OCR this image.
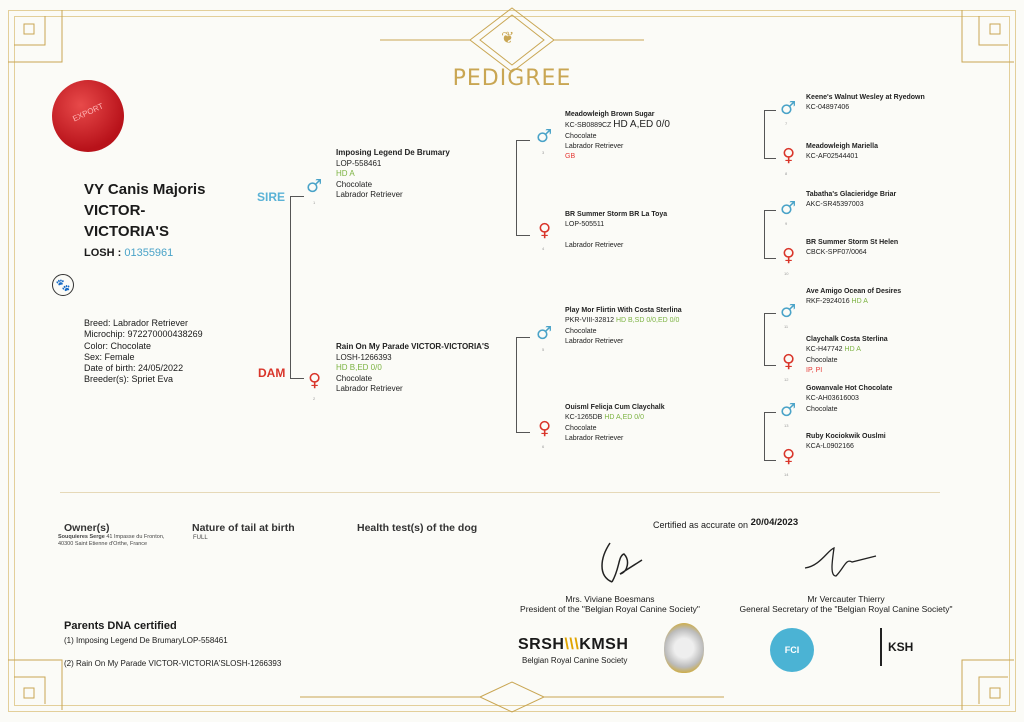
❦
PEDIGREE
EXPORT
VY Canis Majoris
VICTOR-
VICTORIA'S
LOSH : 01355961
🐾
Breed: Labrador Retriever
Microchip: 972270000438269
Color: Chocolate
Sex: Female
Date of birth: 24/05/2022
Breeder(s): Spriet Eva
SIRE
DAM
♂
1
♀
2
♂
3
♀
4
♂
5
♀
6
♂
7
♀
8
♂
9
♀
10
♂
11
♀
12
♂
13
♀
14
Imposing Legend De Brumary
LOP-558461
HD A
Chocolate
Labrador Retriever
Rain On My Parade VICTOR-VICTORIA'S
LOSH-1266393
HD B,ED 0/0
Chocolate
Labrador Retriever
Meadowleigh Brown Sugar
KC-SB0889CZ HD A,ED 0/0
Chocolate
Labrador Retriever
GB
BR Summer Storm BR La Toya
LOP-505511
Labrador Retriever
Play Mor Flirtin With Costa Sterlina
PKR-VIII-32812 HD B,SD 0/0,ED 0/0
Chocolate
Labrador Retriever
Ouisml Felicja Cum Claychalk
KC-1265DB HD A,ED 0/0
Chocolate
Labrador Retriever
Keene's Walnut Wesley at Ryedown
KC-04897406
Meadowleigh Mariella
KC-AF02544401
Tabatha's Glacieridge Briar
AKC-SR45397003
BR Summer Storm St Helen
CBCK-SPF07/0064
Ave Amigo Ocean of Desires
RKF-2924016 HD A
Claychalk Costa Sterlina
KC-H47742 HD A
Chocolate
IP, PI
Gowanvale Hot Chocolate
KC-AH03616003
Chocolate
Ruby Kociokwik Ouslmi
KCA-L0902166
Owner(s)
Souquieres Serge 41 Impasse du Fronton,
40300 Saint Etienne d'Orthe, France
Nature of tail at birth
FULL
Health test(s) of the dog	Certified as accurate on 20/04/2023
Mrs. Viviane Boesmans
President of the "Belgian Royal Canine Society"
Mr Vercauter Thierry
General Secretary of the "Belgian Royal Canine Society"
Parents DNA certified
(1) Imposing Legend De BrumaryLOP-558461
(2) Rain On My Parade VICTOR-VICTORIA'SLOSH-1266393
SRSH\\\KMSH
Belgian Royal Canine Society
FCI	KSH
